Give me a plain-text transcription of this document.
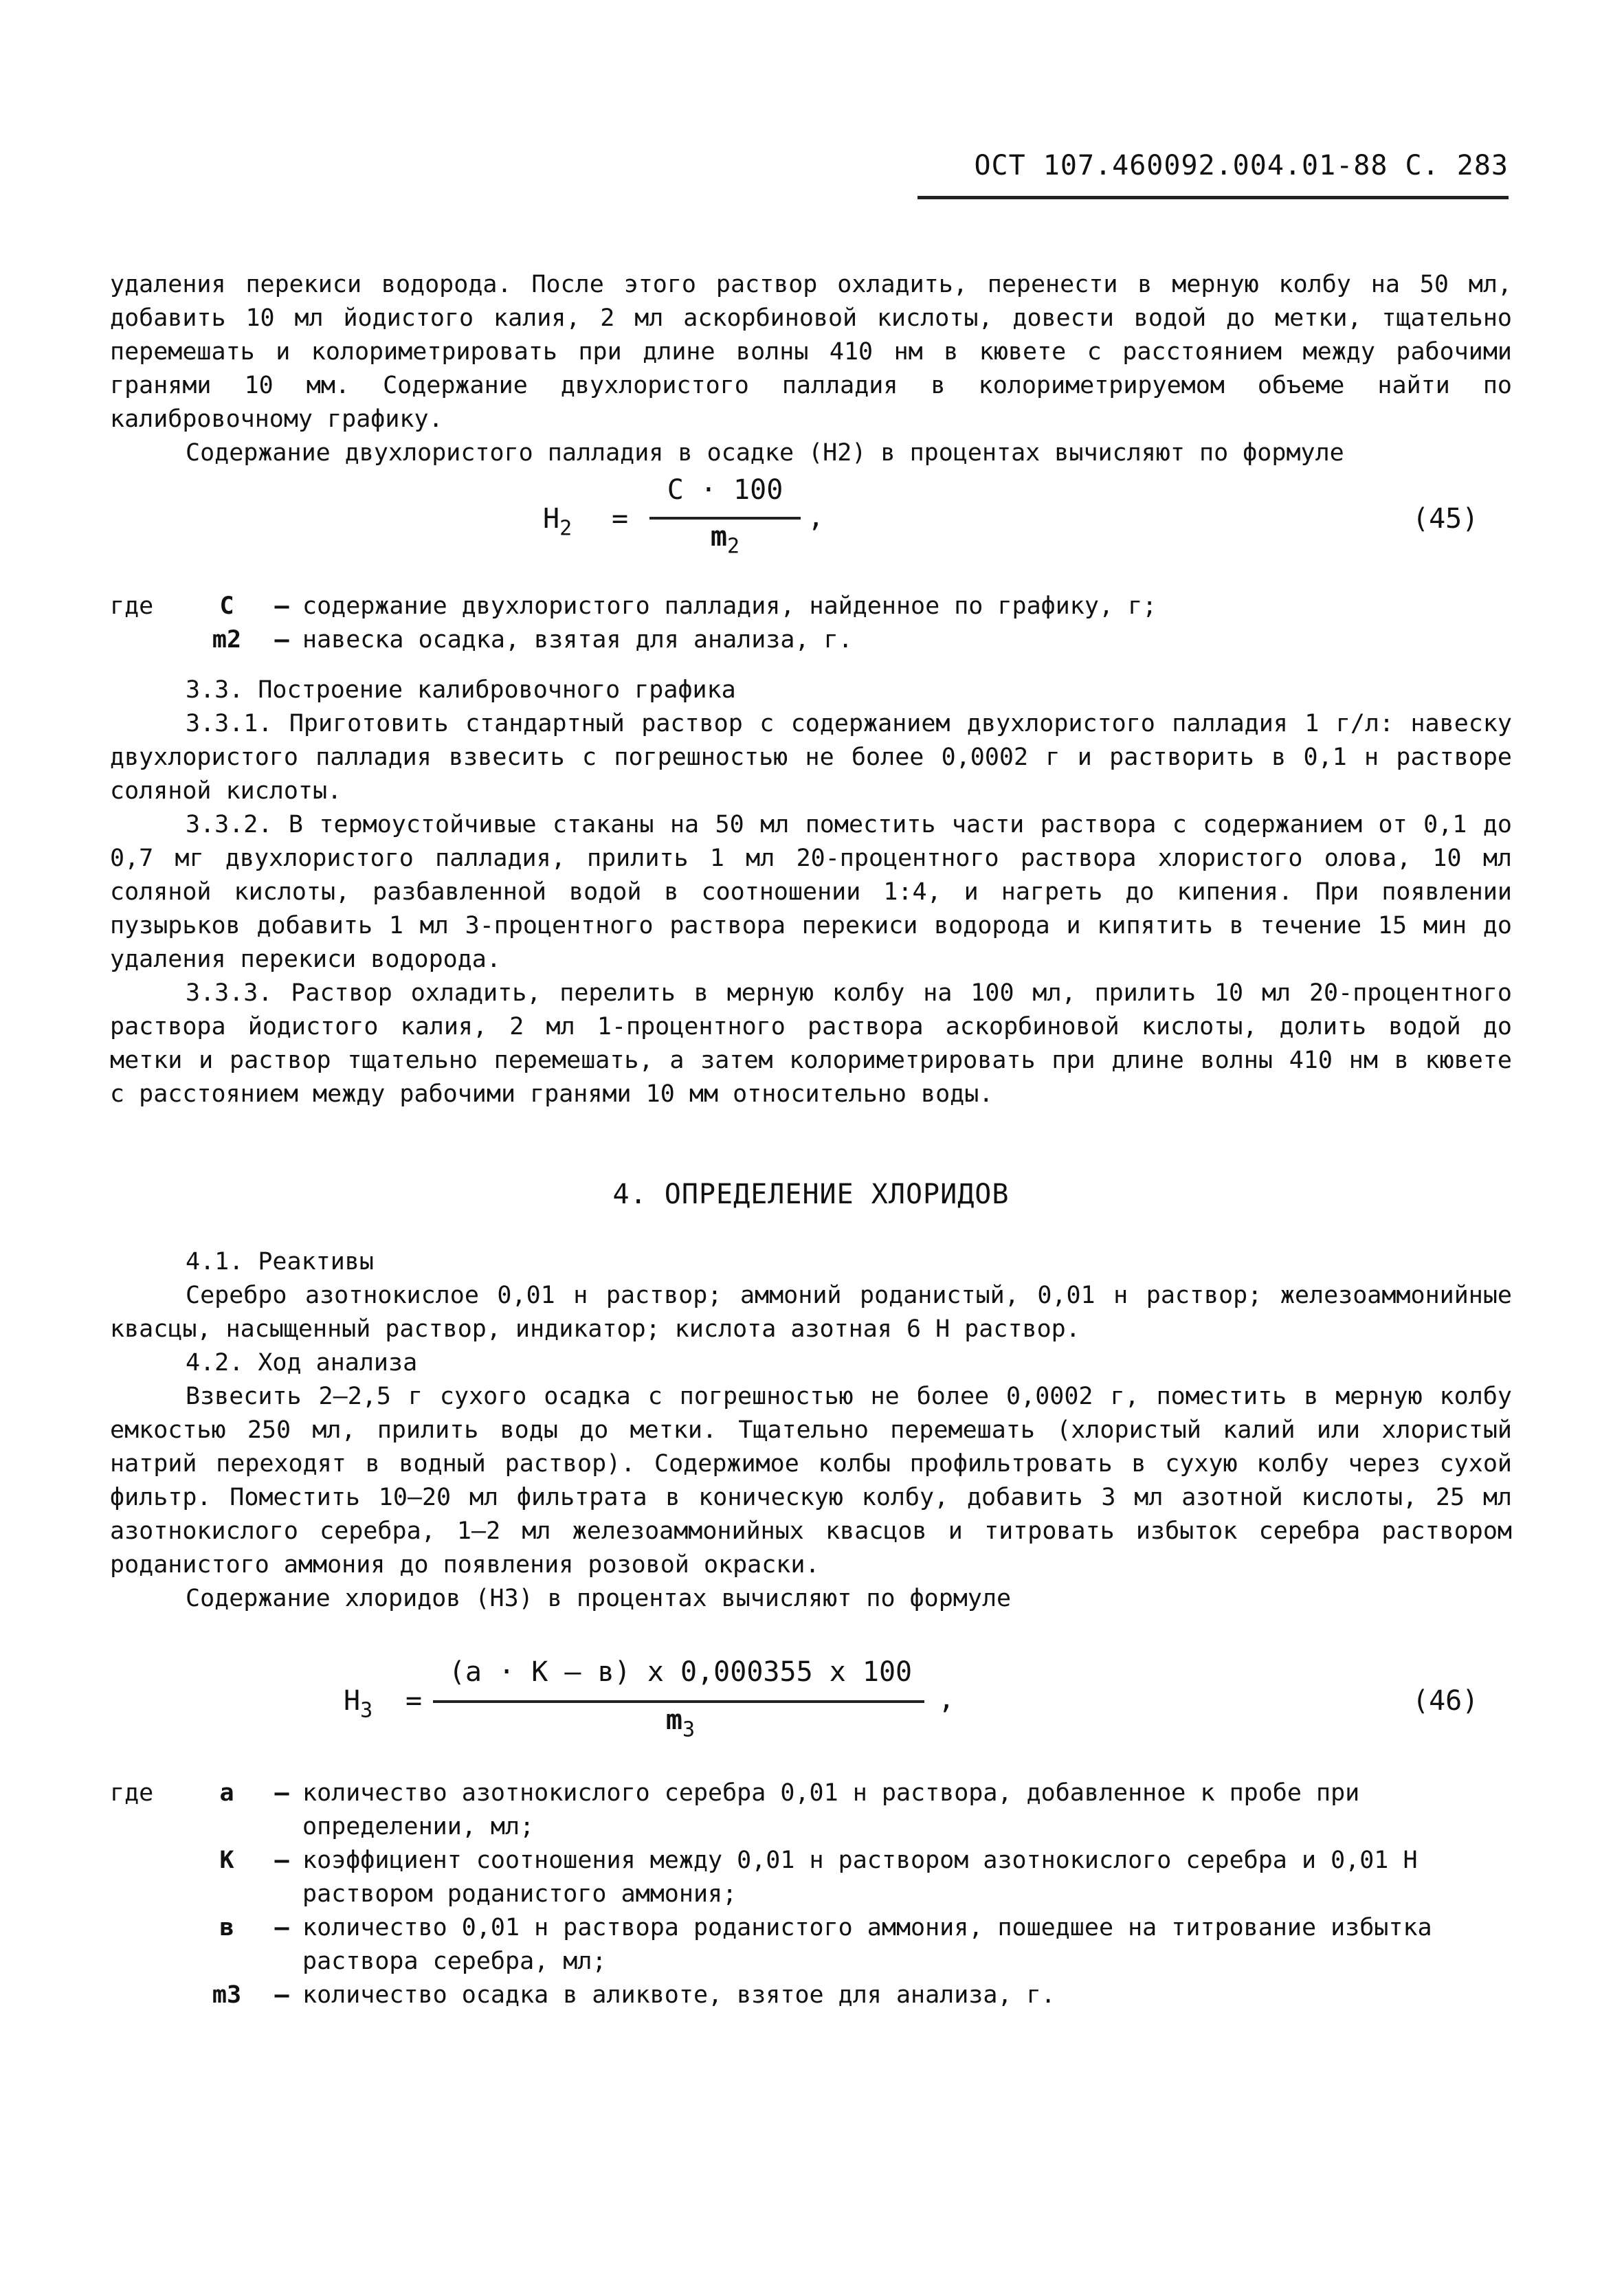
ОСТ 107.460092.004.01-88 С. 283

удаления перекиси водорода. После этого раствор охладить, перенести в мерную колбу на 50 мл, добавить 10 мл йодистого калия, 2 мл аскорбиновой кислоты, довести водой до метки, тщательно перемешать и колориметрировать при длине волны 410 нм в кювете с расстоянием между рабочими гранями 10 мм. Содержание двухлористого палладия в колориметрируемом объеме найти по калибровочному графику.

Содержание двухлористого палладия в осадке (H2) в процентах вычисляют по формуле

$H_2$ =
C · 100
$m_2$
,	(45)
где	C	– содержание двухлористого палладия, найденное по графику, г;
m2	– навеска осадка, взятая для анализа, г.

3.3. Построение калибровочного графика

3.3.1. Приготовить стандартный раствор с содержанием двухлористого палладия 1 г/л: навеску двухлористого палладия взвесить с погрешностью не более 0,0002 г и растворить в 0,1 н растворе соляной кислоты.

3.3.2. В термоустойчивые стаканы на 50 мл поместить части раствора с содержанием от 0,1 до 0,7 мг двухлористого палладия, прилить 1 мл 20-процентного раствора хлористого олова, 10 мл соляной кислоты, разбавленной водой в соотношении 1:4, и нагреть до кипения. При появлении пузырьков добавить 1 мл 3-процентного раствора перекиси водорода и кипятить в течение 15 мин до удаления перекиси водорода.

3.3.3. Раствор охладить, перелить в мерную колбу на 100 мл, прилить 10 мл 20-процентного раствора йодистого калия, 2 мл 1-процентного раствора аскорбиновой кислоты, долить водой до метки и раствор тщательно перемешать, а затем колориметрировать при длине волны 410 нм в кювете с расстоянием между рабочими гранями 10 мм относительно воды.

4. ОПРЕДЕЛЕНИЕ ХЛОРИДОВ

4.1. Реактивы

Серебро азотнокислое 0,01 н раствор; аммоний роданистый, 0,01 н раствор; железоаммонийные квасцы, насыщенный раствор, индикатор; кислота азотная 6 Н раствор.

4.2. Ход анализа

Взвесить 2–2,5 г сухого осадка с погрешностью не более 0,0002 г, поместить в мерную колбу емкостью 250 мл, прилить воды до метки. Тщательно перемешать (хлористый калий или хлористый натрий переходят в водный раствор). Содержимое колбы профильтровать в сухую колбу через сухой фильтр. Поместить 10–20 мл фильтрата в коническую колбу, добавить 3 мл азотной кислоты, 25 мл азотнокислого серебра, 1–2 мл железоаммонийных квасцов и титровать избыток серебра раствором роданистого аммония до появления розовой окраски.

Содержание хлоридов (H3) в процентах вычисляют по формуле

$H_3$ =
(а · К – в) х 0,000355 х 100
$m_3$
,	(46)
где	а	– количество азотнокислого серебра 0,01 н раствора, добавленное к пробе при определении, мл;
К	– коэффициент соотношения между 0,01 н раствором азотнокислого серебра и 0,01 Н раствором роданистого аммония;
в	– количество 0,01 н раствора роданистого аммония, пошедшее на титрование избытка раствора серебра, мл;
m3	– количество осадка в аликвоте, взятое для анализа, г.
